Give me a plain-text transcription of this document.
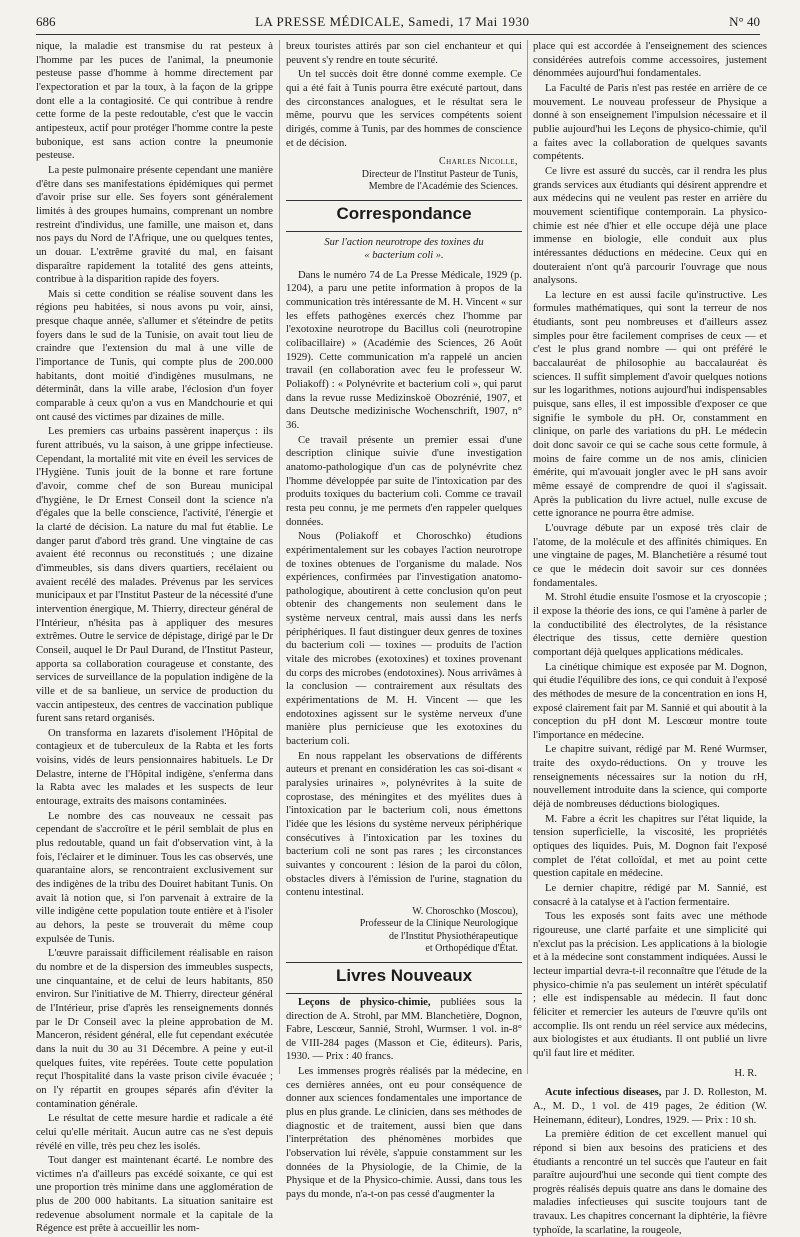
686	LA PRESSE MÉDICALE, Samedi, 17 Mai 1930	N° 40

nique, la maladie est transmise du rat pesteux à l'homme par les puces de l'animal, la pneumonie pesteuse passe d'homme à homme directement par l'expectoration et par la toux, à la façon de la grippe dont elle a la contagiosité. Ce qui contribue à rendre cette forme de la peste redoutable, c'est que le vaccin antipesteux, actif pour protéger l'homme contre la peste bubonique, est sans action contre la pneumonie pesteuse.

La peste pulmonaire présente cependant une manière d'être dans ses manifestations épidémiques qui permet d'avoir prise sur elle. Ses foyers sont généralement limités à des groupes humains, comprenant un nombre restreint d'individus, une famille, une maison et, dans nos pays du Nord de l'Afrique, une ou quelques tentes, un douar. L'extrême gravité du mal, en faisant disparaître rapidement la totalité des gens atteints, contribue à la disparition rapide des foyers.

Mais si cette condition se réalise souvent dans les régions peu habitées, si nous avons pu voir, ainsi, presque chaque année, s'allumer et s'éteindre de petits foyers dans le sud de la Tunisie, on avait tout lieu de craindre que l'extension du mal à une ville de l'importance de Tunis, qui compte plus de 200.000 habitants, dont moitié d'indigènes musulmans, ne déterminât, dans la ville arabe, l'éclosion d'un foyer comparable à ceux qu'on a vus en Mandchourie et qui ont causé des victimes par dizaines de mille.

Les premiers cas urbains passèrent inaperçus : ils furent attribués, vu la saison, à une grippe infectieuse. Cependant, la mortalité mit vite en éveil les services de l'Hygiène. Tunis jouit de la bonne et rare fortune d'avoir, comme chef de son Bureau municipal d'hygiène, le Dr Ernest Conseil dont la science n'a d'égales que la belle conscience, l'activité, l'énergie et la clarté de décision. La nature du mal fut établie. Le danger parut d'abord très grand. Une vingtaine de cas avaient été reconnus ou reconstitués ; une dizaine d'immeubles, sis dans divers quartiers, recélaient ou avaient recélé des malades. Prévenus par les services municipaux et par l'Institut Pasteur de la nécessité d'une intervention énergique, M. Thierry, directeur général de l'Intérieur, n'hésita pas à appliquer des mesures extrêmes. Outre le service de dépistage, dirigé par le Dr Conseil, auquel le Dr Paul Durand, de l'Institut Pasteur, apporta sa collaboration courageuse et constante, des services de surveillance de la population indigène de la ville et de sa banlieue, un service de production du vaccin antipesteux, des centres de vaccination publique furent sans retard organisés.

On transforma en lazarets d'isolement l'Hôpital de contagieux et de tuberculeux de la Rabta et les forts voisins, vidés de leurs pensionnaires habituels. Le Dr Delastre, interne de l'Hôpital indigène, s'enferma dans la Rabta avec les malades et les suspects de leur entourage, extraits des maisons contaminées.

Le nombre des cas nouveaux ne cessait pas cependant de s'accroître et le péril semblait de plus en plus redoutable, quand un fait d'observation vint, à la fois, l'éclairer et le diminuer. Tous les cas observés, une quarantaine alors, se rencontraient exclusivement sur des indigènes de la tribu des Douiret habitant Tunis. On avait là notion que, si l'on parvenait à extraire de la ville indigène cette population toute entière et à l'isoler au dehors, la peste se trouverait du même coup expulsée de Tunis.

L'œuvre paraissait difficilement réalisable en raison du nombre et de la dispersion des immeubles suspects, une cinquantaine, et de celui de leurs habitants, 850 environ. Sur l'initiative de M. Thierry, directeur général de l'Intérieur, prise d'après les renseignements donnés par le Dr Conseil avec la pleine approbation de M. Manceron, résident général, elle fut cependant exécutée dans la nuit du 30 au 31 Décembre. A peine y eut-il quelques fuites, vite repérées. Toute cette population reçut l'hospitalité dans la vaste prison civile évacuée ; on l'y répartit en groupes séparés afin d'éviter la contamination générale.

Le résultat de cette mesure hardie et radicale a été celui qu'elle méritait. Aucun autre cas ne s'est depuis révélé en ville, très peu chez les isolés.

Tout danger est maintenant écarté. Le nombre des victimes n'a d'ailleurs pas excédé soixante, ce qui est une proportion très minime dans une agglomération de plus de 200 000 habitants. La situation sanitaire est redevenue absolument normale et la capitale de la Régence est prête à accueillir les nom-

breux touristes attirés par son ciel enchanteur et qui peuvent s'y rendre en toute sécurité.

Un tel succès doit être donné comme exemple. Ce qui a été fait à Tunis pourra être exécuté partout, dans des circonstances analogues, et le résultat sera le même, pourvu que les services compétents soient dirigés, comme à Tunis, par des hommes de conscience et de décision.

Charles Nicolle,
Directeur de l'Institut Pasteur de Tunis,
Membre de l'Académie des Sciences.
Correspondance
Sur l'action neurotrope des toxines du
« bacterium coli ».

Dans le numéro 74 de La Presse Médicale, 1929 (p. 1204), a paru une petite information à propos de la communication très intéressante de M. H. Vincent « sur les effets pathogènes exercés chez l'homme par l'exotoxine neurotrope du Bacillus coli (neurotropine colibacillaire) » (Académie des Sciences, 26 Août 1929). Cette communication m'a rappelé un ancien travail (en collaboration avec feu le professeur W. Poliakoff) : « Polynévrite et bacterium coli », qui parut dans la revue russe Medizinskoë Obozrénié, 1907, et dans Deutsche medizinische Wochenschrift, 1907, n° 36.

Ce travail présente un premier essai d'une description clinique suivie d'une investigation anatomo-pathologique d'un cas de polynévrite chez l'homme développée par suite de l'intoxication par des produits toxiques du bacterium coli. Comme ce travail resta peu connu, je me permets d'en rappeler quelques données.

Nous (Poliakoff et Choroschko) étudions expérimentalement sur les cobayes l'action neurotrope de toxines obtenues de l'organisme du malade. Nos expériences, confirmées par l'investigation anatomo-pathologique, aboutirent à cette conclusion qu'on peut obtenir des changements non seulement dans le système nerveux central, mais aussi dans les nerfs périphériques. Il faut distinguer deux genres de toxines du bacterium coli — toxines — produits de l'action vitale des microbes (exotoxines) et toxines provenant du corps des microbes (endotoxines). Nous arrivâmes à la conclusion — contrairement aux résultats des expérimentations de M. H. Vincent — que les endotoxines agissent sur le système nerveux d'une manière plus pernicieuse que les exotoxines du bacterium coli.

En nous rappelant les observations de différents auteurs et prenant en considération les cas soi-disant « paralysies urinaires », polynévrites à la suite de coprostase, des méningites et des myélites dues à l'intoxication par le bacterium coli, nous émettons l'idée que les lésions du système nerveux périphérique consécutives à l'intoxication par les toxines du bacterium coli ne sont pas rares ; les circonstances suivantes y concourent : lésion de la paroi du côlon, obstacles divers à l'émission de l'urine, stagnation du contenu intestinal.

W. Choroschko (Moscou),
Professeur de la Clinique Neurologique
de l'Institut Physiothérapeutique
et Orthopédique d'État.
Livres Nouveaux

Leçons de physico-chimie, publiées sous la direction de A. Strohl, par MM. Blanchetière, Dognon, Fabre, Lescœur, Sannié, Strohl, Wurmser. 1 vol. in-8° de VIII-284 pages (Masson et Cie, éditeurs). Paris, 1930. — Prix : 40 francs.

Les immenses progrès réalisés par la médecine, en ces dernières années, ont eu pour conséquence de donner aux sciences fondamentales une importance de plus en plus grande. Le clinicien, dans ses méthodes de diagnostic et de traitement, aussi bien que dans l'interprétation des phénomènes morbides que l'observation lui révèle, s'appuie constamment sur les données de la Physiologie, de la Chimie, de la Physique et de la Physico-chimie. Aussi, dans tous les pays du monde, n'a-t-on pas cessé d'augmenter la

place qui est accordée à l'enseignement des sciences considérées autrefois comme accessoires, justement dénommées aujourd'hui fondamentales.

La Faculté de Paris n'est pas restée en arrière de ce mouvement. Le nouveau professeur de Physique a donné à son enseignement l'impulsion nécessaire et il publie aujourd'hui les Leçons de physico-chimie, qu'il a faites avec la collaboration de quelques savants compétents.

Ce livre est assuré du succès, car il rendra les plus grands services aux étudiants qui désirent apprendre et aux médecins qui ne veulent pas rester en arrière du mouvement scientifique contemporain. La physico-chimie est née d'hier et elle occupe déjà une place immense en biologie, elle conduit aux plus intéressantes déductions en médecine. Ceux qui en douteraient n'ont qu'à parcourir l'ouvrage que nous analysons.

La lecture en est aussi facile qu'instructive. Les formules mathématiques, qui sont la terreur de nos étudiants, sont peu nombreuses et d'ailleurs assez simples pour être facilement comprises de ceux — et c'est le plus grand nombre — qui ont préféré le baccalauréat de philosophie au baccalauréat ès sciences. Il suffit simplement d'avoir quelques notions sur les logarithmes, notions aujourd'hui indispensables puisque, sans elles, il est impossible d'exposer ce que signifie le symbole du pH. Or, constamment en clinique, on parle des variations du pH. Le médecin doit donc savoir ce qui se cache sous cette formule, à moins de faire comme un de nos amis, clinicien émérite, qui m'avouait jongler avec le pH sans avoir même essayé de comprendre de quoi il s'agissait. Après la publication du livre actuel, nulle excuse de cette ignorance ne pourra être admise.

L'ouvrage débute par un exposé très clair de l'atome, de la molécule et des affinités chimiques. En une vingtaine de pages, M. Blanchetière a résumé tout ce que le médecin doit savoir sur ces données fondamentales.

M. Strohl étudie ensuite l'osmose et la cryoscopie ; il expose la théorie des ions, ce qui l'amène à parler de la conductibilité des électrolytes, de la résistance électrique des tissus, cette dernière question comportant déjà quelques applications médicales.

La cinétique chimique est exposée par M. Dognon, qui étudie l'équilibre des ions, ce qui conduit à l'exposé des méthodes de mesure de la concentration en ions H, exposé clairement fait par M. Sannié et qui aboutit à la conception du pH dont M. Lescœur montre toute l'importance en médecine.

Le chapitre suivant, rédigé par M. René Wurmser, traite des oxydo-réductions. On y trouve les renseignements nécessaires sur la notion du rH, nouvellement introduite dans la science, qui comporte déjà de nombreuses déductions biologiques.

M. Fabre a écrit les chapitres sur l'état liquide, la tension superficielle, la viscosité, les propriétés optiques des liquides. Puis, M. Dognon fait l'exposé complet de l'état colloïdal, et met au point cette question capitale en médecine.

Le dernier chapitre, rédigé par M. Sannié, est consacré à la catalyse et à l'action fermentaire.

Tous les exposés sont faits avec une méthode rigoureuse, une clarté parfaite et une simplicité qui n'exclut pas la précision. Les applications à la biologie et à la médecine sont constamment indiquées. Aussi le lecteur impartial devra-t-il reconnaître que l'étude de la physico-chimie n'a pas seulement un intérêt spéculatif ; elle est indispensable au médecin. Il faut donc féliciter et remercier les auteurs de l'œuvre qu'ils ont accomplie. Ils ont rendu un réel service aux médecins, aux biologistes et aux étudiants. Il ont publié un livre qu'il faut lire et méditer.

H. R.

Acute infectious diseases, par J. D. Rolleston, M. A., M. D., 1 vol. de 419 pages, 2e édition (W. Heinemann, éditeur), Londres, 1929. — Prix : 10 sh.

La première édition de cet excellent manuel qui répond si bien aux besoins des praticiens et des étudiants a rencontré un tel succès que l'auteur en fait paraître aujourd'hui une seconde qui tient compte des progrès réalisés depuis quatre ans dans le domaine des maladies infectieuses qui suscite toujours tant de travaux. Les chapitres concernant la diphtérie, la fièvre typhoïde, la scarlatine, la rougeole,
